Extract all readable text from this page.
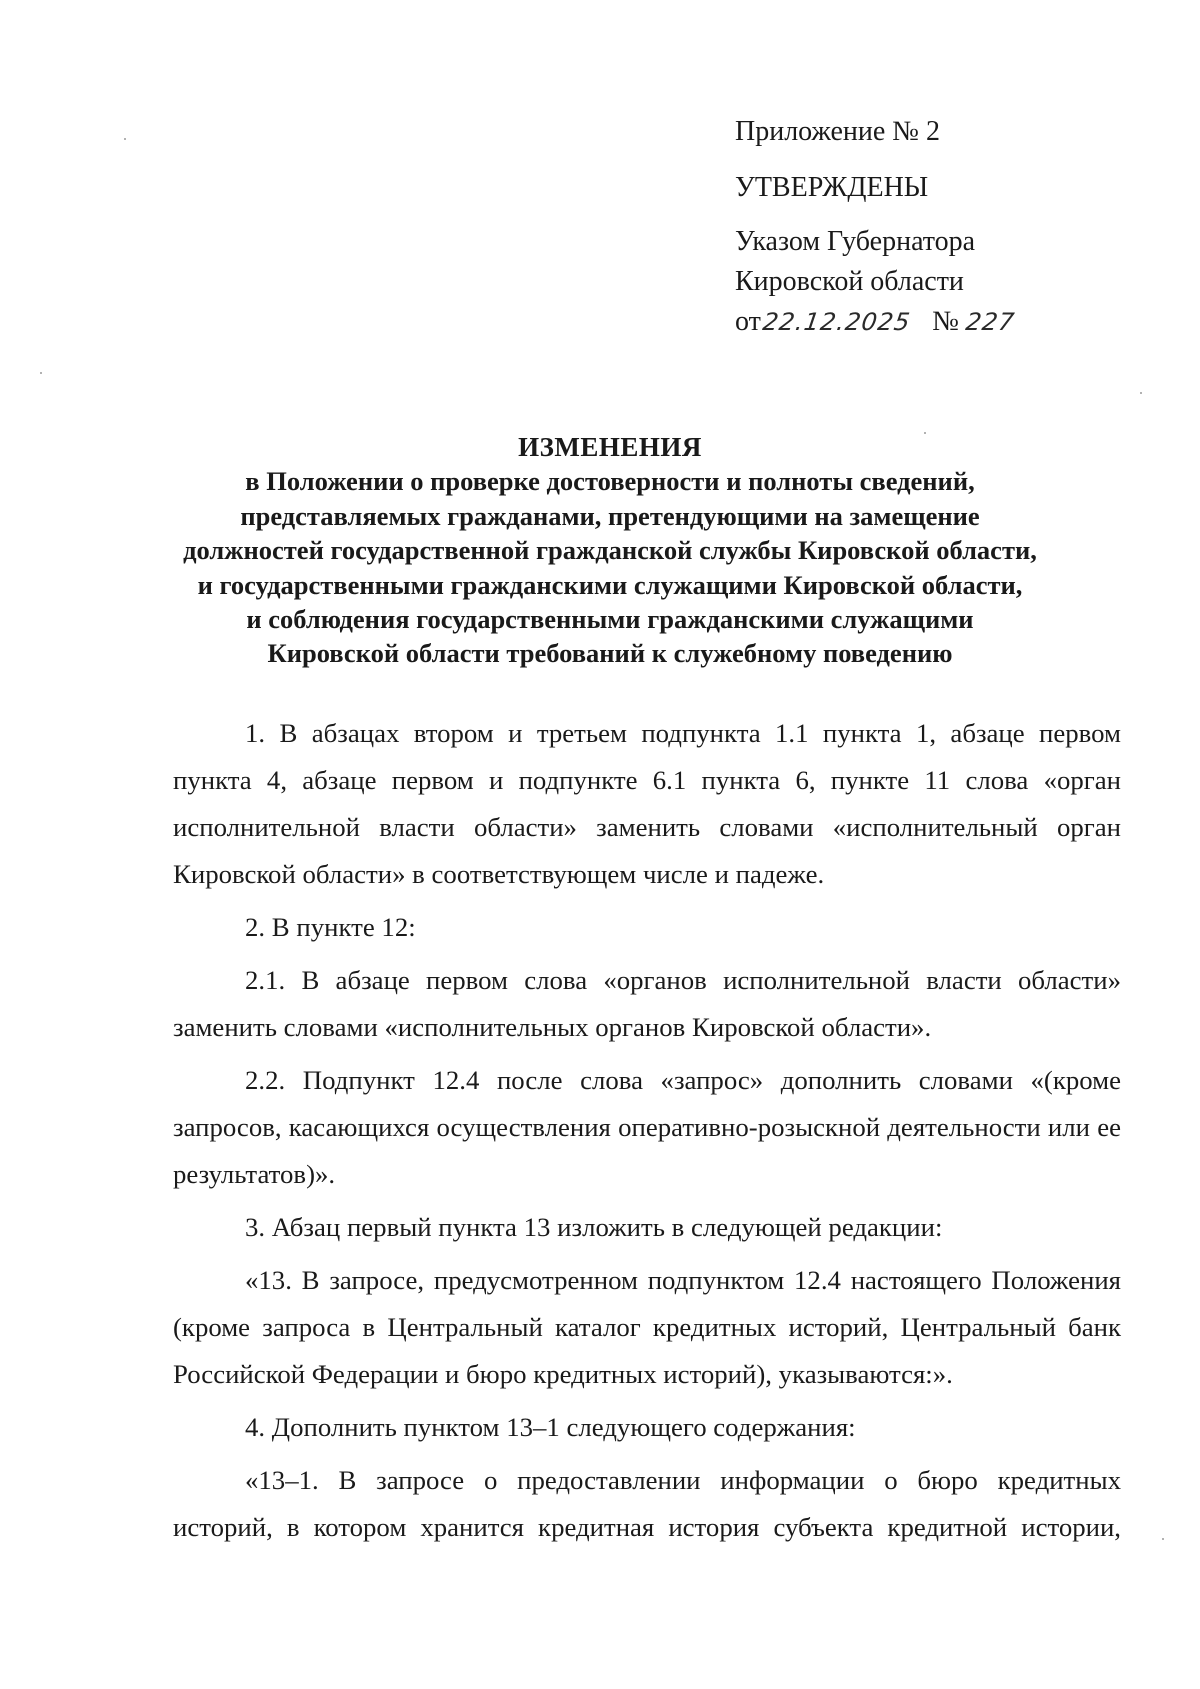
Приложение № 2
УТВЕРЖДЕНЫ
Указом Губернатора
Кировской области
от22.12.2025 № 227
ИЗМЕНЕНИЯ
в Положении о проверке достоверности и полноты сведений,
представляемых гражданами, претендующими на замещение
должностей государственной гражданской службы Кировской области,
и государственными гражданскими служащими Кировской области,
и соблюдения государственными гражданскими служащими
Кировской области требований к служебному поведению

1. В абзацах втором и третьем подпункта 1.1 пункта 1, абзаце первом пункта 4, абзаце первом и подпункте 6.1 пункта 6, пункте 11 слова «орган исполнительной власти области» заменить словами «исполнительный орган Кировской области» в соответствующем числе и падеже.

2. В пункте 12:

2.1. В абзаце первом слова «органов исполнительной власти области» заменить словами «исполнительных органов Кировской области».

2.2. Подпункт 12.4 после слова «запрос» дополнить словами «(кроме запросов, касающихся осуществления оперативно-розыскной деятельности или ее результатов)».

3. Абзац первый пункта 13 изложить в следующей редакции:

«13. В запросе, предусмотренном подпунктом 12.4 настоящего Положения (кроме запроса в Центральный каталог кредитных историй, Центральный банк Российской Федерации и бюро кредитных историй), указываются:».

4. Дополнить пунктом 13–1 следующего содержания:

«13–1. В запросе о предоставлении информации о бюро кредитных историй, в котором хранится кредитная история субъекта кредитной истории,
